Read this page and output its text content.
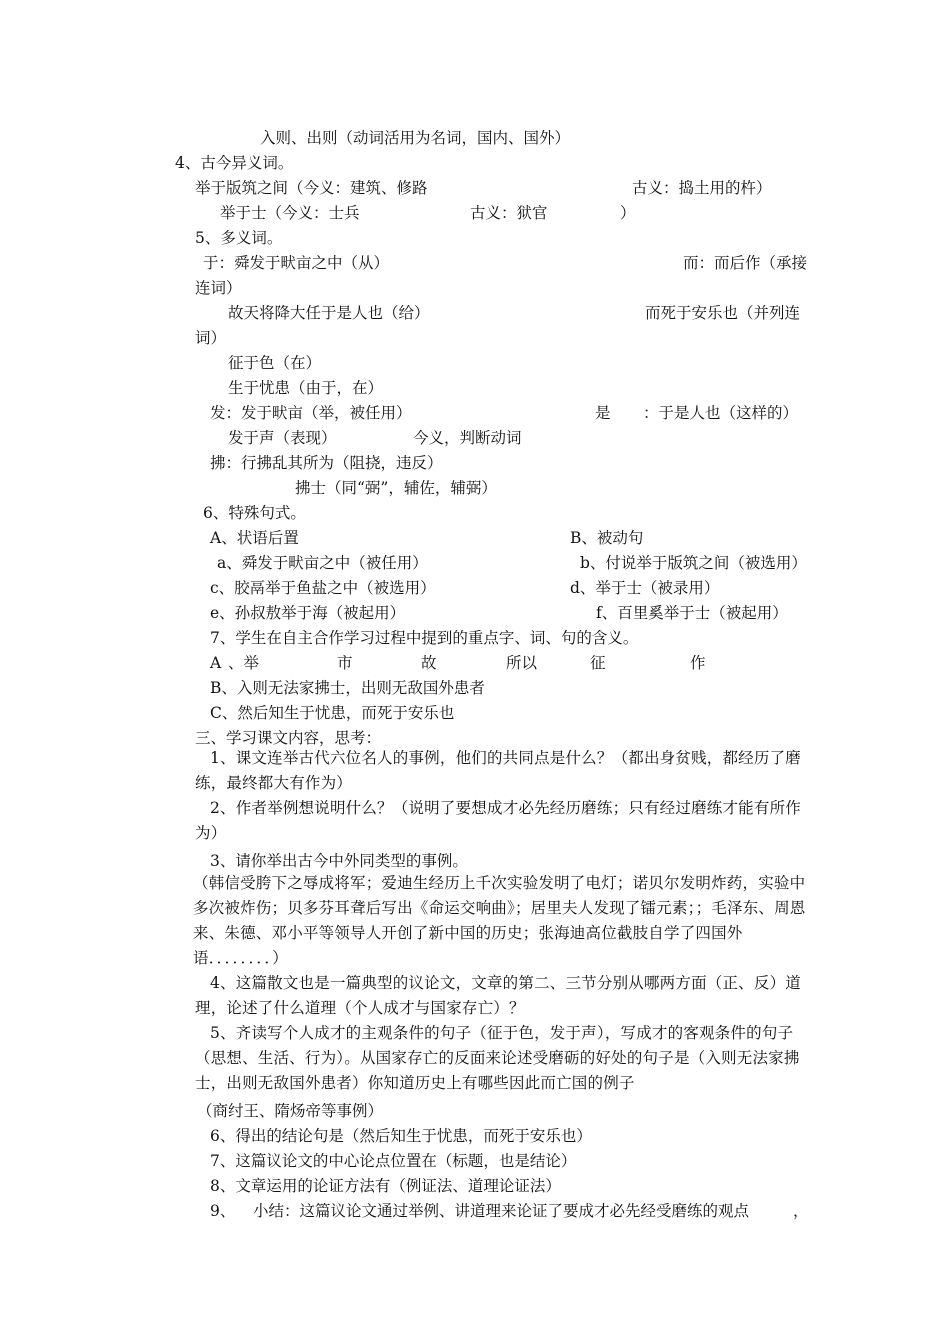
入则、出则（动词活用为名词，国内、国外）
4、古今异义词。
举于版筑之间（今义：建筑、修路	古义：捣土用的杵）
举于士（今义：士兵	古义：狱官	）
5、多义词。
于：舜发于畎亩之中（从）	而：而后作（承接
连词）
故天将降大任于是人也（给）	而死于安乐也（并列连
词）
征于色（在）
生于忧患（由于，在）
发：发于畎亩（举，被任用）	是 ：于是人也（这样的）
发于声（表现）	今义，判断动词
拂：行拂乱其所为（阻挠，违反）
拂士（同“弼”，辅佐，辅弼）
6、特殊句式。
A、状语后置	B、被动句
a、舜发于畎亩之中（被任用）	b、付说举于版筑之间（被选用）
c、胶鬲举于鱼盐之中（被选用）	d、举于士（被录用）
e、孙叔敖举于海（被起用）	f、百里奚举于士（被起用）
7、学生在自主合作学习过程中提到的重点字、词、句的含义。
A 、举	市	故	所以	征	作
B、入则无法家拂士，出则无敌国外患者
C、然后知生于忧患，而死于安乐也
三、学习课文内容，思考：
1、课文连举古代六位名人的事例，他们的共同点是什么？（都出身贫贱，都经历了磨练，最终都大有作为）
2、作者举例想说明什么？（说明了要想成才必先经历磨练；只有经过磨练才能有所作为）
3、请你举出古今中外同类型的事例。
（韩信受胯下之辱成将军；爱迪生经历上千次实验发明了电灯；诺贝尔发明炸药，实验中多次被炸伤；贝多芬耳聋后写出《命运交响曲》；居里夫人发现了镭元素；；毛泽东、周恩来、朱德、邓小平等领导人开创了新中国的历史；张海迪高位截肢自学了四国外语．．．．．．．．）
4、这篇散文也是一篇典型的议论文，文章的第二、三节分别从哪两方面（正、反）道理，论述了什么道理（个人成才与国家存亡）？
5、齐读写个人成才的主观条件的句子（征于色，发于声），写成才的客观条件的句子（思想、生活、行为）。从国家存亡的反面来论述受磨砺的好处的句子是（入则无法家拂士，出则无敌国外患者）你知道历史上有哪些因此而亡国的例子
（商纣王、隋炀帝等事例）
6、得出的结论句是（然后知生于忧患，而死于安乐也）
7、这篇议论文的中心论点位置在（标题，也是结论）
8、文章运用的论证方法有（例证法、道理论证法）
9、 小结：这篇议论文通过举例、讲道理来论证了要成才必先经受磨练的观点	，
